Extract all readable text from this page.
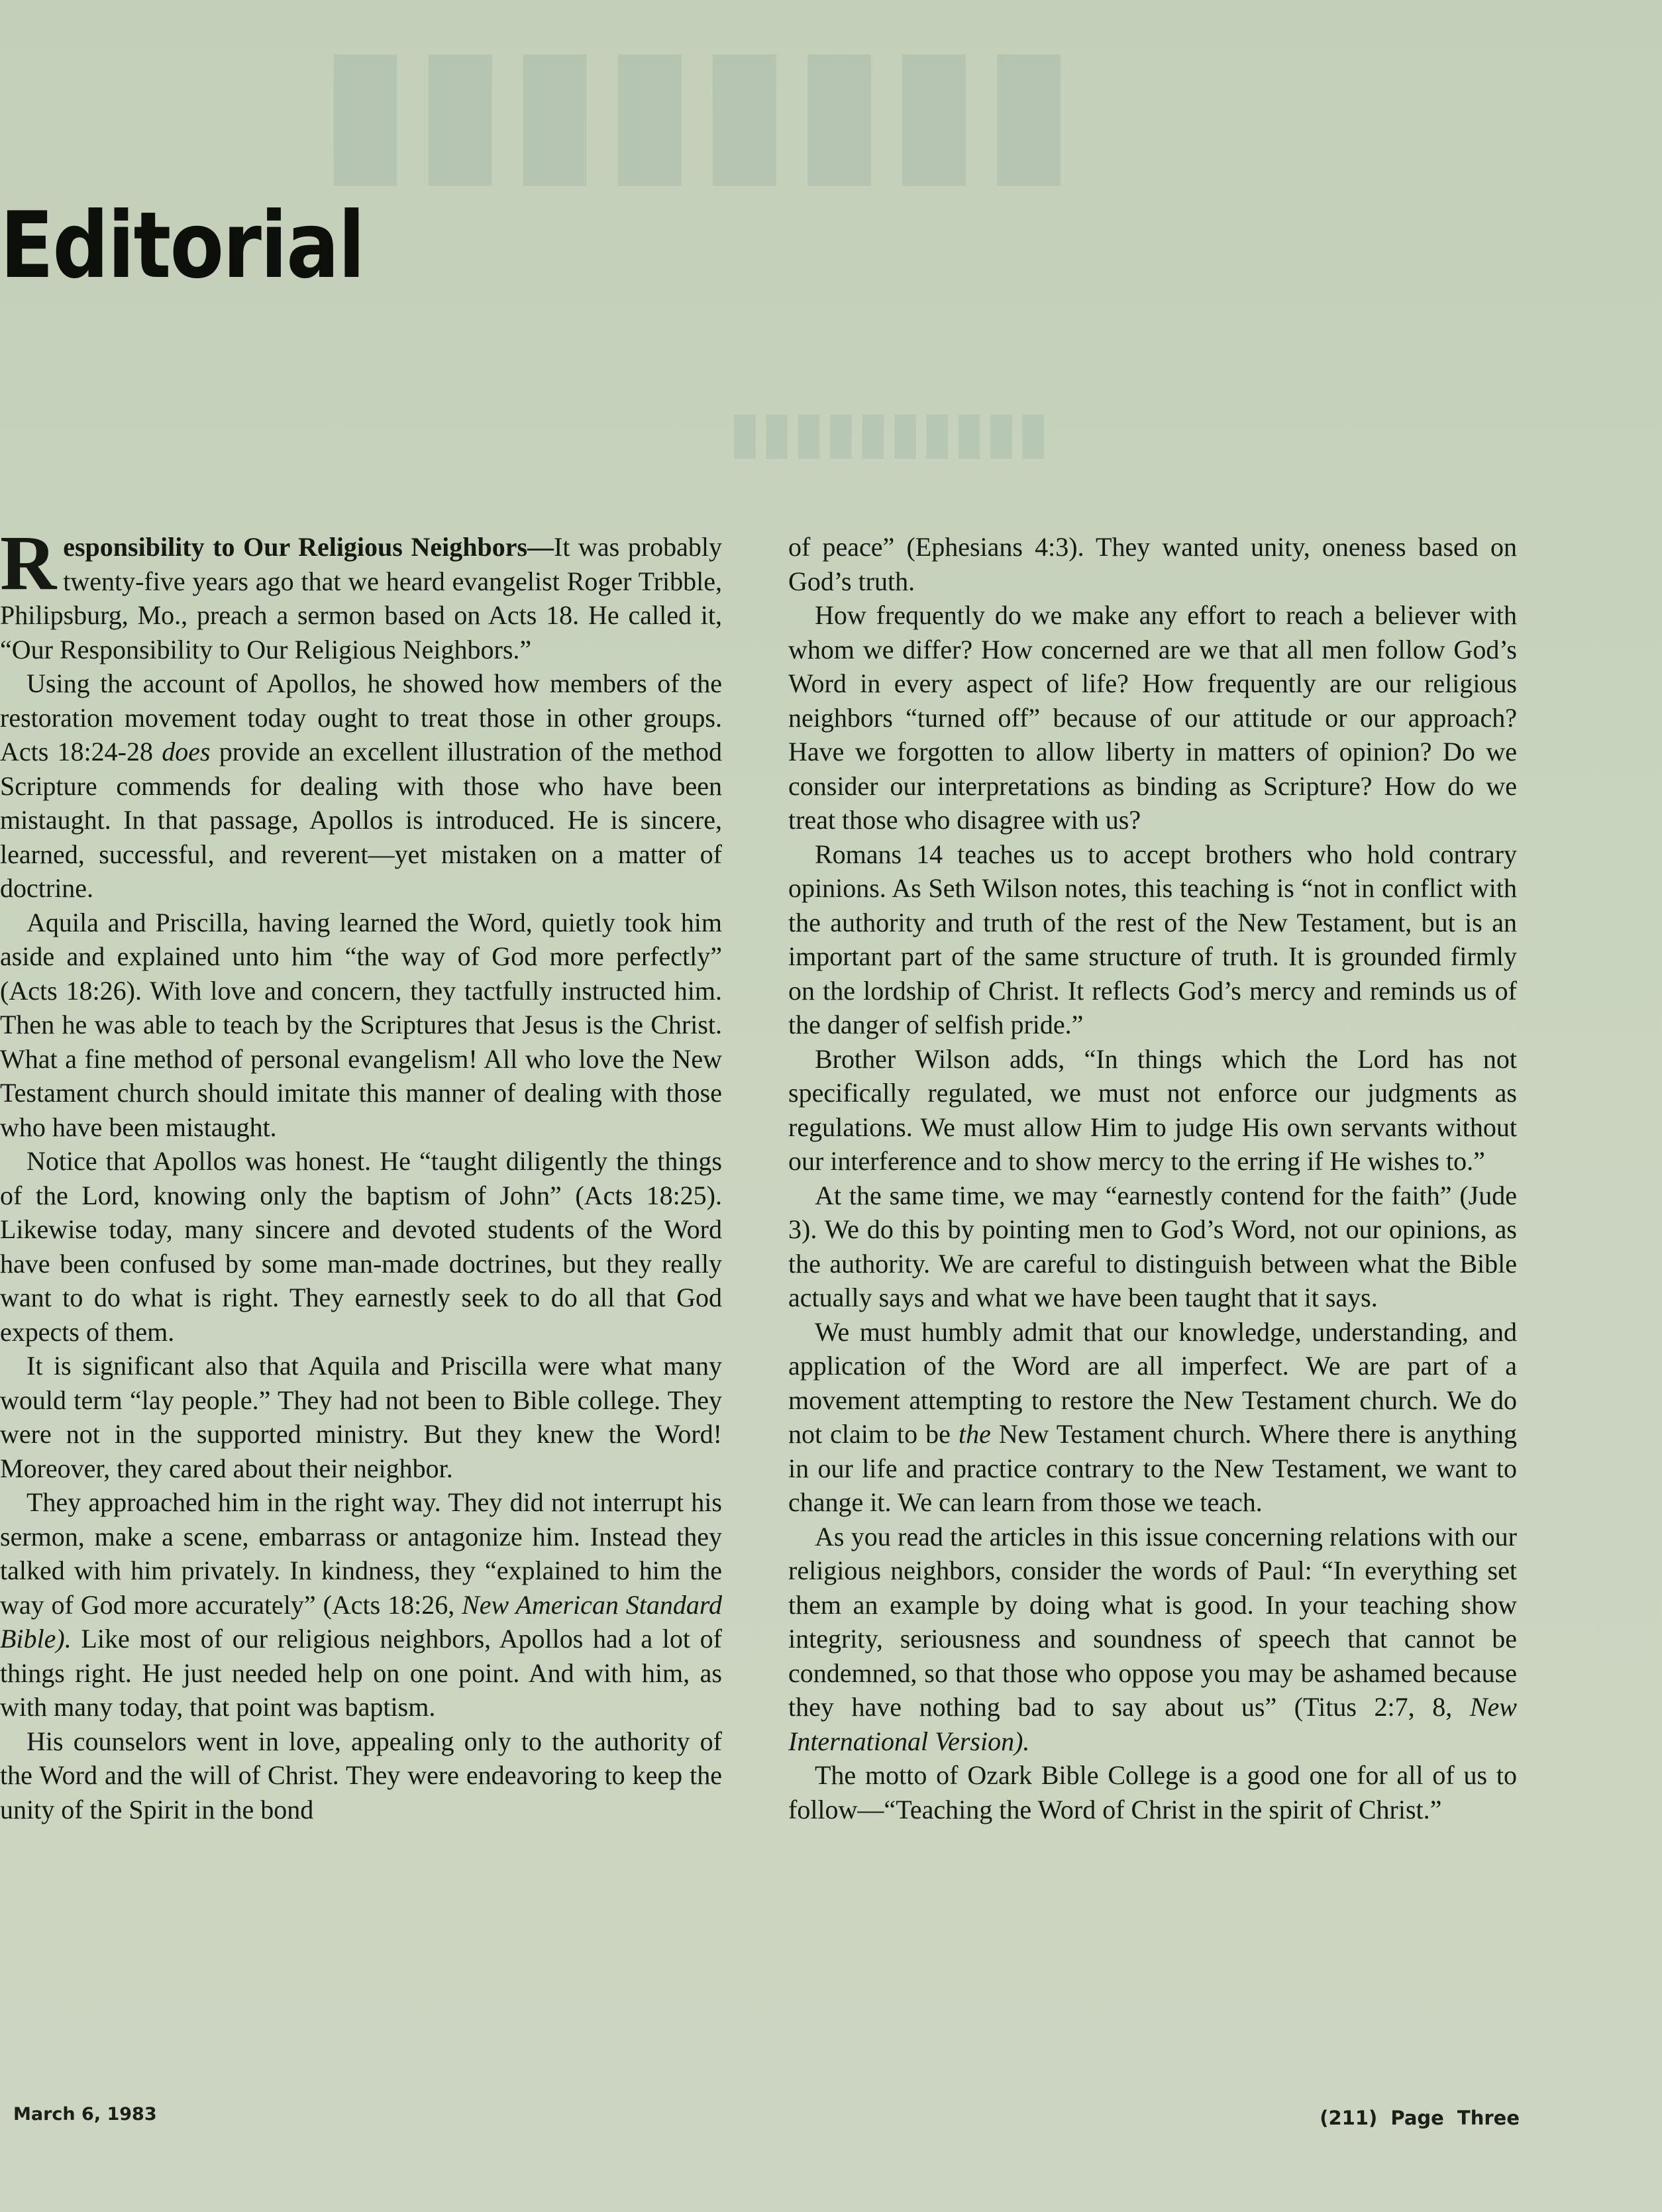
▮▮▮▮▮▮▮▮
▮▮▮▮▮▮▮▮▮▮
Editorial

Responsibility to Our Religious Neighbors—It was probably twenty-five years ago that we heard evangelist Roger Tribble, Philipsburg, Mo., preach a sermon based on Acts 18. He called it, “Our Responsibility to Our Religious Neighbors.”

Using the account of Apollos, he showed how members of the restoration movement today ought to treat those in other groups. Acts 18:24-28 does provide an excellent illustration of the method Scripture commends for dealing with those who have been mistaught. In that passage, Apollos is introduced. He is sincere, learned, successful, and reverent—yet mistaken on a matter of doctrine.

Aquila and Priscilla, having learned the Word, quietly took him aside and explained unto him “the way of God more perfectly” (Acts 18:26). With love and concern, they tactfully instructed him. Then he was able to teach by the Scriptures that Jesus is the Christ. What a fine method of personal evangelism! All who love the New Testament church should imitate this manner of dealing with those who have been mistaught.

Notice that Apollos was honest. He “taught diligently the things of the Lord, knowing only the baptism of John” (Acts 18:25). Likewise today, many sincere and devoted students of the Word have been confused by some man-made doctrines, but they really want to do what is right. They earnestly seek to do all that God expects of them.

It is significant also that Aquila and Priscilla were what many would term “lay people.” They had not been to Bible college. They were not in the supported ministry. But they knew the Word! Moreover, they cared about their neighbor.

They approached him in the right way. They did not interrupt his sermon, make a scene, embarrass or antagonize him. Instead they talked with him privately. In kindness, they “explained to him the way of God more accurately” (Acts 18:26, New American Standard Bible). Like most of our religious neighbors, Apollos had a lot of things right. He just needed help on one point. And with him, as with many today, that point was baptism.

His counselors went in love, appealing only to the authority of the Word and the will of Christ. They were endeavoring to keep the unity of the Spirit in the bond

of peace” (Ephesians 4:3). They wanted unity, oneness based on God’s truth.

How frequently do we make any effort to reach a believer with whom we differ? How concerned are we that all men follow God’s Word in every aspect of life? How frequently are our religious neighbors “turned off” because of our attitude or our approach? Have we forgotten to allow liberty in matters of opinion? Do we consider our interpretations as binding as Scripture? How do we treat those who disagree with us?

Romans 14 teaches us to accept brothers who hold contrary opinions. As Seth Wilson notes, this teaching is “not in conflict with the authority and truth of the rest of the New Testament, but is an important part of the same structure of truth. It is grounded firmly on the lordship of Christ. It reflects God’s mercy and reminds us of the danger of selfish pride.”

Brother Wilson adds, “In things which the Lord has not specifically regulated, we must not enforce our judgments as regulations. We must allow Him to judge His own servants without our interference and to show mercy to the erring if He wishes to.”

At the same time, we may “earnestly contend for the faith” (Jude 3). We do this by pointing men to God’s Word, not our opinions, as the authority. We are careful to distinguish between what the Bible actually says and what we have been taught that it says.

We must humbly admit that our knowledge, understanding, and application of the Word are all imperfect. We are part of a movement attempting to restore the New Testament church. We do not claim to be the New Testament church. Where there is anything in our life and practice contrary to the New Testament, we want to change it. We can learn from those we teach.

As you read the articles in this issue concerning relations with our religious neighbors, consider the words of Paul: “In everything set them an example by doing what is good. In your teaching show integrity, seriousness and soundness of speech that cannot be condemned, so that those who oppose you may be ashamed because they have nothing bad to say about us” (Titus 2:7, 8, New International Version).

The motto of Ozark Bible College is a good one for all of us to follow—“Teaching the Word of Christ in the spirit of Christ.”

March 6, 1983	(211) Page Three
